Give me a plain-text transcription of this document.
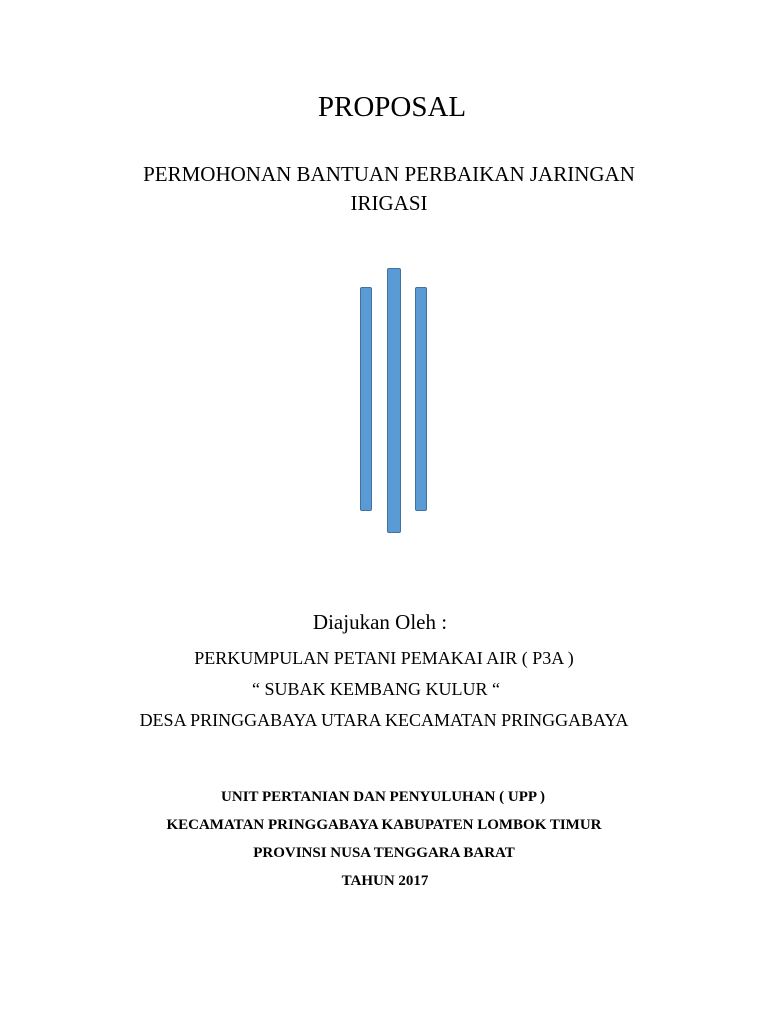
PROPOSAL
PERMOHONAN BANTUAN PERBAIKAN JARINGAN
IRIGASI
Diajukan Oleh :
PERKUMPULAN PETANI PEMAKAI AIR ( P3A )
“ SUBAK KEMBANG KULUR “
DESA PRINGGABAYA UTARA KECAMATAN PRINGGABAYA
UNIT PERTANIAN DAN PENYULUHAN ( UPP )
KECAMATAN PRINGGABAYA KABUPATEN LOMBOK TIMUR
PROVINSI NUSA TENGGARA BARAT
TAHUN 2017
